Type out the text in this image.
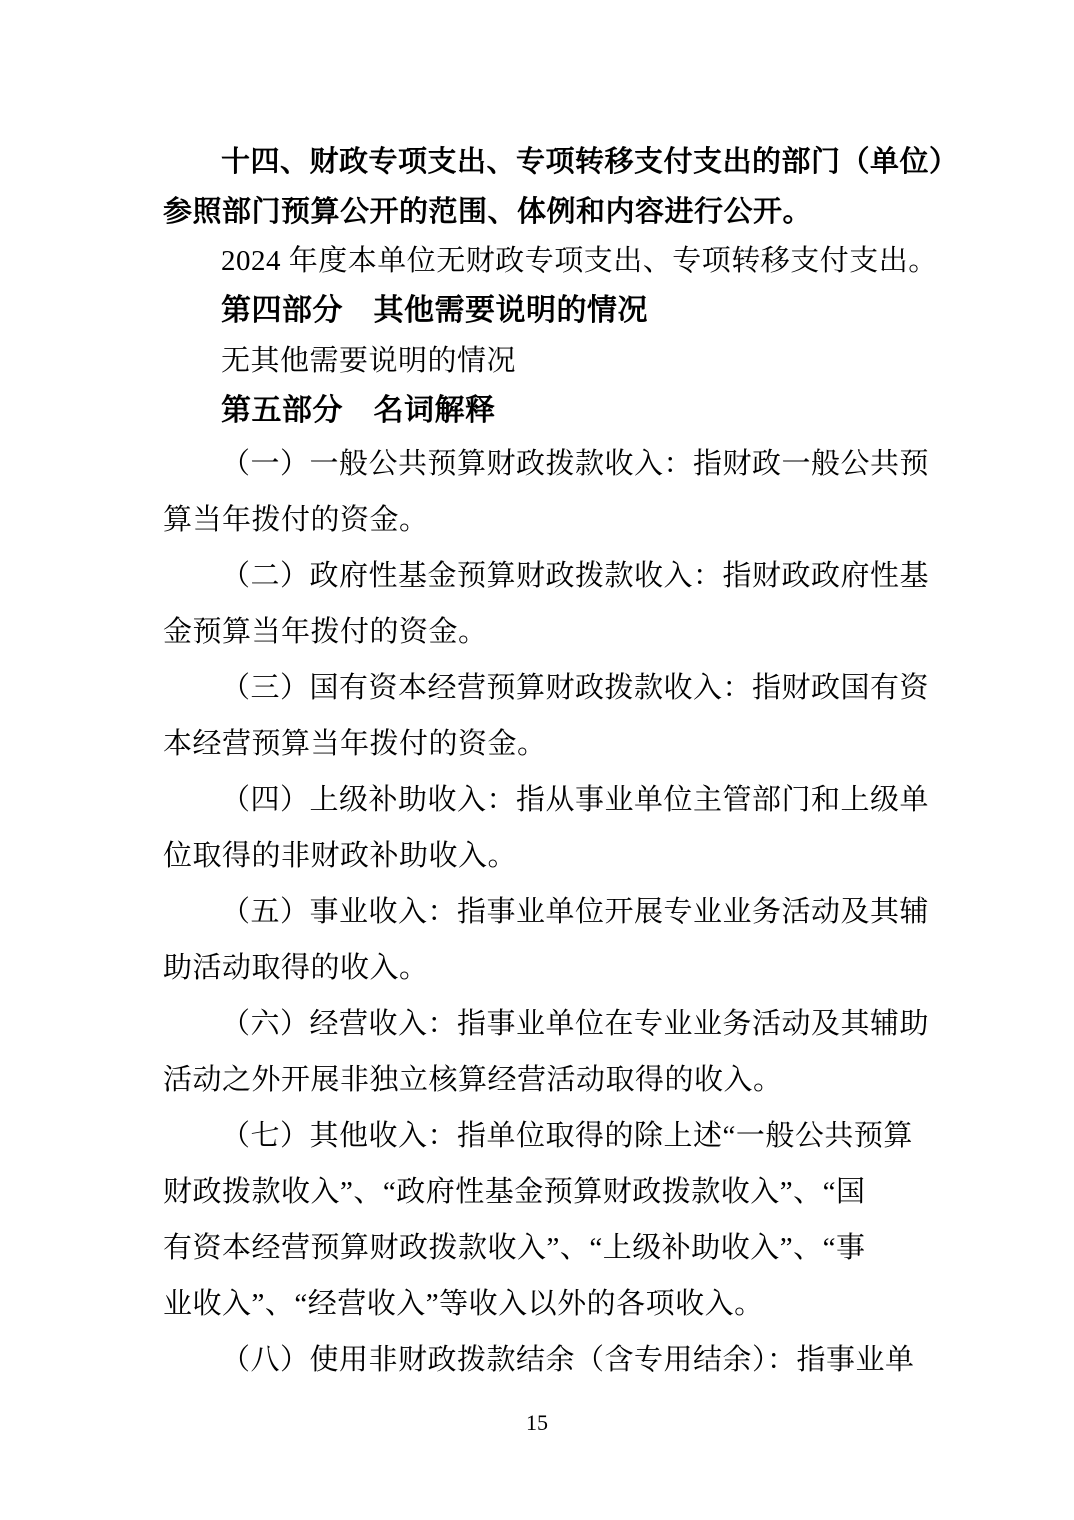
十四、财政专项支出、专项转移支付支出的部门（单位）
参照部门预算公开的范围、体例和内容进行公开。
2024 年度本单位无财政专项支出、专项转移支付支出。
第四部分　其他需要说明的情况
无其他需要说明的情况
第五部分　名词解释
（一）一般公共预算财政拨款收入：指财政一般公共预
算当年拨付的资金。
（二）政府性基金预算财政拨款收入：指财政政府性基
金预算当年拨付的资金。
（三）国有资本经营预算财政拨款收入：指财政国有资
本经营预算当年拨付的资金。
（四）上级补助收入：指从事业单位主管部门和上级单
位取得的非财政补助收入。
（五）事业收入：指事业单位开展专业业务活动及其辅
助活动取得的收入。
（六）经营收入：指事业单位在专业业务活动及其辅助
活动之外开展非独立核算经营活动取得的收入。
（七）其他收入：指单位取得的除上述“一般公共预算
财政拨款收入”、“政府性基金预算财政拨款收入”、“国
有资本经营预算财政拨款收入”、“上级补助收入”、“事
业收入”、“经营收入”等收入以外的各项收入。
（八）使用非财政拨款结余（含专用结余）：指事业单
15
